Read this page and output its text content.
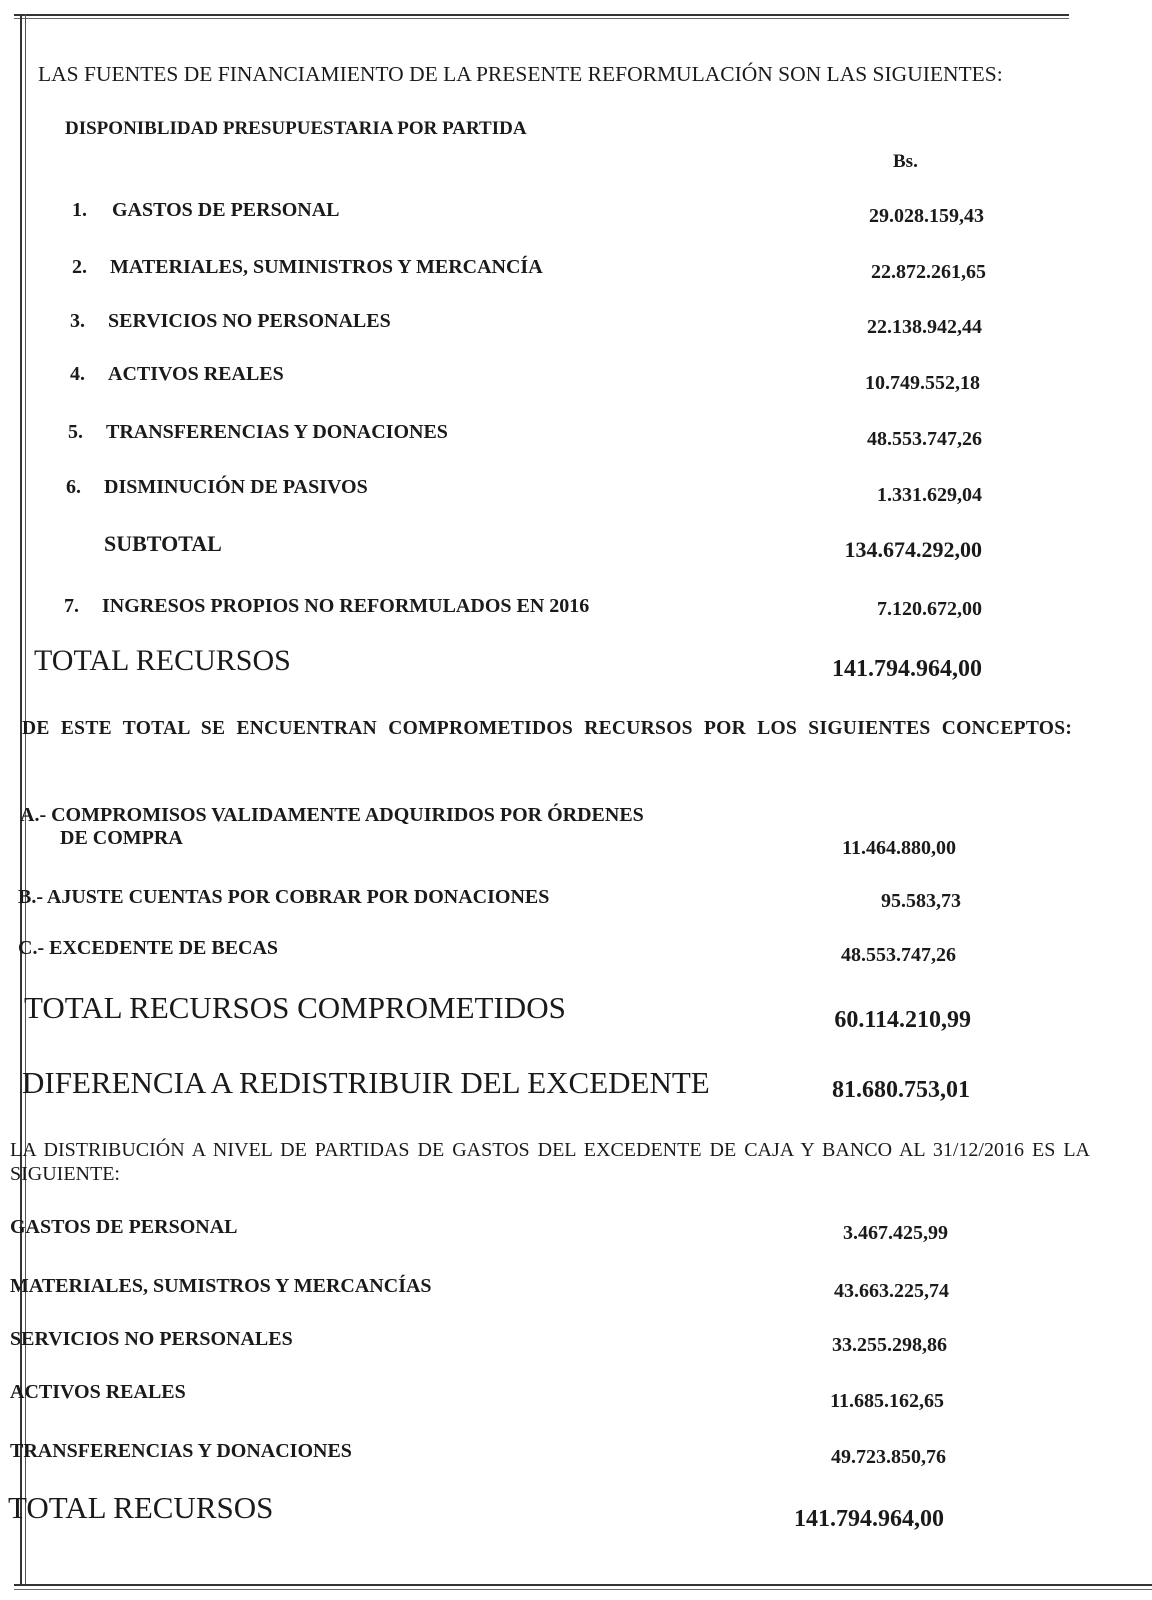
LAS FUENTES DE FINANCIAMIENTO DE LA PRESENTE REFORMULACIÓN SON LAS SIGUIENTES:
DISPONIBLIDAD PRESUPUESTARIA POR PARTIDA
Bs.
1. GASTOS DE PERSONAL	29.028.159,43
2. MATERIALES, SUMINISTROS Y MERCANCÍA	22.872.261,65
3. SERVICIOS NO PERSONALES	22.138.942,44
4. ACTIVOS REALES	10.749.552,18
5. TRANSFERENCIAS Y DONACIONES	48.553.747,26
6. DISMINUCIÓN DE PASIVOS	1.331.629,04
SUBTOTAL	134.674.292,00
7. INGRESOS PROPIOS NO REFORMULADOS EN 2016	7.120.672,00
TOTAL RECURSOS	141.794.964,00
DE ESTE TOTAL SE ENCUENTRAN COMPROMETIDOS RECURSOS POR LOS SIGUIENTES CONCEPTOS:
A.- COMPROMISOS VALIDAMENTE ADQUIRIDOS POR ÓRDENES
DE COMPRA	11.464.880,00
B.- AJUSTE CUENTAS POR COBRAR POR DONACIONES	95.583,73
C.- EXCEDENTE DE BECAS	48.553.747,26
TOTAL RECURSOS COMPROMETIDOS	60.114.210,99
DIFERENCIA A REDISTRIBUIR DEL EXCEDENTE	81.680.753,01
LA DISTRIBUCIÓN A NIVEL DE PARTIDAS DE GASTOS DEL EXCEDENTE DE CAJA Y BANCO AL 31/12/2016 ES LA SIGUIENTE:
GASTOS DE PERSONAL	3.467.425,99
MATERIALES, SUMISTROS Y MERCANCÍAS	43.663.225,74
SERVICIOS NO PERSONALES	33.255.298,86
ACTIVOS REALES	11.685.162,65
TRANSFERENCIAS Y DONACIONES	49.723.850,76
TOTAL RECURSOS	141.794.964,00
